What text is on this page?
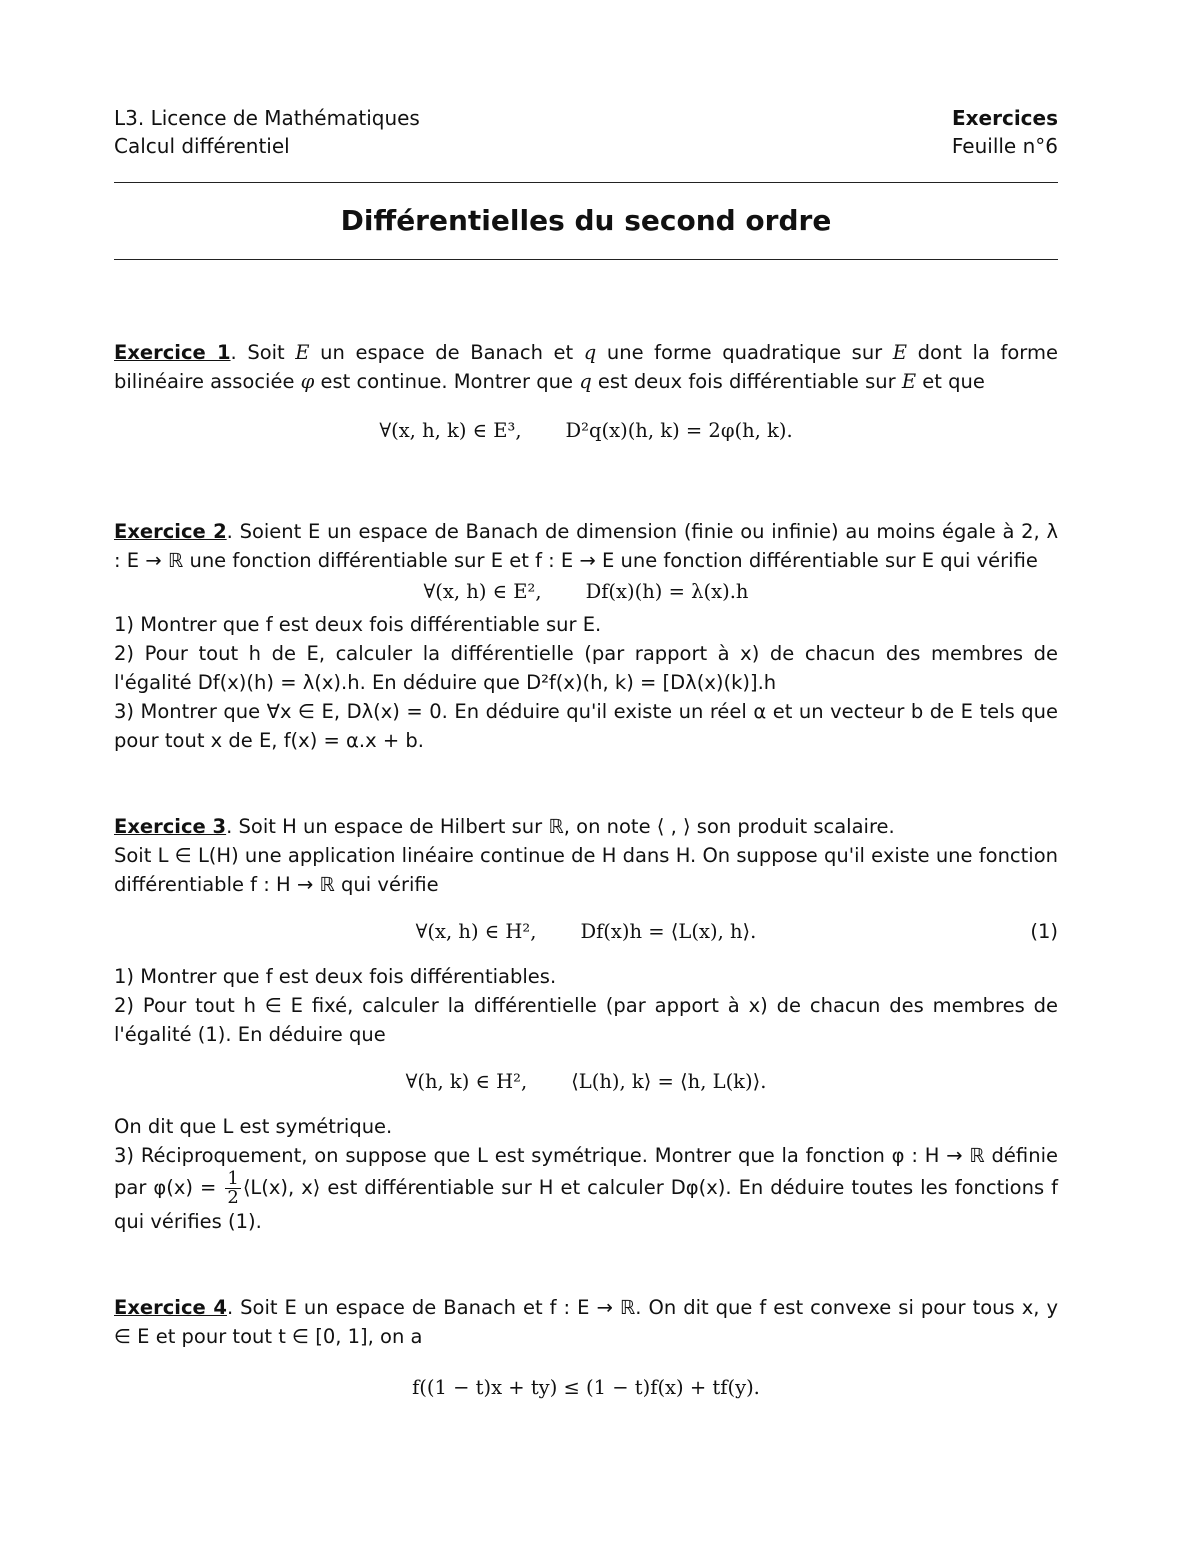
L3. Licence de Mathématiques	Exercices
Calcul différentiel	Feuille n°6
Différentielles du second ordre

Exercice 1. Soit E un espace de Banach et q une forme quadratique sur E dont la forme bilinéaire associée φ est continue. Montrer que q est deux fois différentiable sur E et que

∀(x, h, k) ∈ E³, D²q(x)(h, k) = 2φ(h, k).

Exercice 2. Soient E un espace de Banach de dimension (finie ou infinie) au moins égale à 2, λ : E → ℝ une fonction différentiable sur E et f : E → E une fonction différentiable sur E qui vérifie

∀(x, h) ∈ E², Df(x)(h) = λ(x).h

1) Montrer que f est deux fois différentiable sur E.

2) Pour tout h de E, calculer la différentielle (par rapport à x) de chacun des membres de l'égalité Df(x)(h) = λ(x).h. En déduire que D²f(x)(h, k) = [Dλ(x)(k)].h

3) Montrer que ∀x ∈ E, Dλ(x) = 0. En déduire qu'il existe un réel α et un vecteur b de E tels que pour tout x de E, f(x) = α.x + b.

Exercice 3. Soit H un espace de Hilbert sur ℝ, on note ⟨ , ⟩ son produit scalaire.

Soit L ∈ L(H) une application linéaire continue de H dans H. On suppose qu'il existe une fonction différentiable f : H → ℝ qui vérifie

∀(x, h) ∈ H², Df(x)h = ⟨L(x), h⟩.	(1)

1) Montrer que f est deux fois différentiables.

2) Pour tout h ∈ E fixé, calculer la différentielle (par apport à x) de chacun des membres de l'égalité (1). En déduire que

∀(h, k) ∈ H², ⟨L(h), k⟩ = ⟨h, L(k)⟩.

On dit que L est symétrique.

3) Réciproquement, on suppose que L est symétrique. Montrer que la fonction φ : H → ℝ définie par $\varphi(x) = \frac{1}{2}$ ⟨L(x), x⟩ est différentiable sur H et calculer Dφ(x). En déduire toutes les fonctions f qui vérifies (1).

Exercice 4. Soit E un espace de Banach et f : E → ℝ. On dit que f est convexe si pour tous x, y ∈ E et pour tout t ∈ [0, 1], on a

f((1 − t)x + ty) ≤ (1 − t)f(x) + tf(y).
